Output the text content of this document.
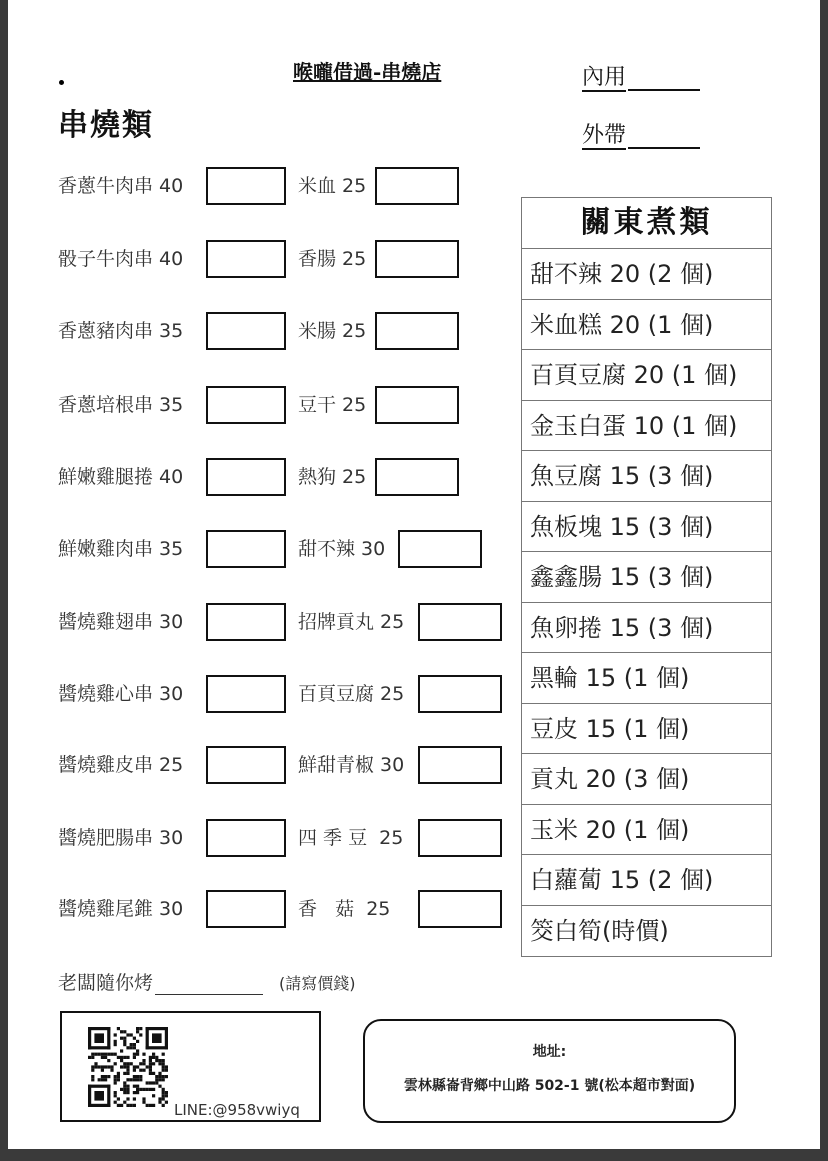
喉嚨借過-串燒店	內用
外帶
串燒類
香蔥牛肉串 40
骰子牛肉串 40
香蔥豬肉串 35
香蔥培根串 35
鮮嫩雞腿捲 40
鮮嫩雞肉串 35
醬燒雞翅串 30
醬燒雞心串 30
醬燒雞皮串 25
醬燒肥腸串 30
醬燒雞尾錐 30
米血 25
香腸 25
米腸 25
豆干 25
熱狗 25
甜不辣 30
招牌貢丸 25
百頁豆腐 25
鮮甜青椒 30
四 季 豆  25
香   菇  25
關東煮類
甜不辣 20 (2 個)
米血糕 20 (1 個)
百頁豆腐 20 (1 個)
金玉白蛋 10 (1 個)
魚豆腐 15 (3 個)
魚板塊 15 (3 個)
鑫鑫腸 15 (3 個)
魚卵捲 15 (3 個)
黑輪 15 (1 個)
豆皮 15 (1 個)
貢丸 20 (3 個)
玉米 20 (1 個)
白蘿蔔 15 (2 個)
筊白筍(時價)
老闆隨你烤	(請寫價錢)
LINE:@958vwiyq
地址:
雲林縣崙背鄉中山路 502-1 號(松本超市對面)
